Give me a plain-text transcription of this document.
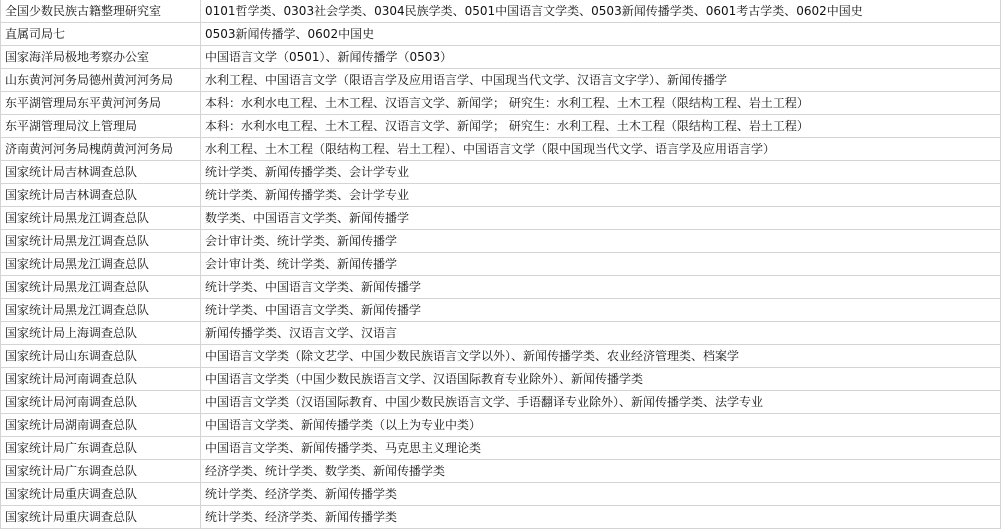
全国少数民族古籍整理研究室	0101哲学类、0303社会学类、0304民族学类、0501中国语言文学类、0503新闻传播学类、0601考古学类、0602中国史
直属司局七	0503新闻传播学、0602中国史
国家海洋局极地考察办公室	中国语言文学（0501）、新闻传播学（0503）
山东黄河河务局德州黄河河务局	水利工程、中国语言文学（限语言学及应用语言学、中国现当代文学、汉语言文字学）、新闻传播学
东平湖管理局东平黄河河务局	本科：水利水电工程、土木工程、汉语言文学、新闻学； 研究生：水利工程、土木工程（限结构工程、岩土工程）
东平湖管理局汶上管理局	本科：水利水电工程、土木工程、汉语言文学、新闻学； 研究生：水利工程、土木工程（限结构工程、岩土工程）
济南黄河河务局槐荫黄河河务局	水利工程、土木工程（限结构工程、岩土工程）、中国语言文学（限中国现当代文学、语言学及应用语言学）
国家统计局吉林调查总队	统计学类、新闻传播学类、会计学专业
国家统计局吉林调查总队	统计学类、新闻传播学类、会计学专业
国家统计局黑龙江调查总队	数学类、中国语言文学类、新闻传播学
国家统计局黑龙江调查总队	会计审计类、统计学类、新闻传播学
国家统计局黑龙江调查总队	会计审计类、统计学类、新闻传播学
国家统计局黑龙江调查总队	统计学类、中国语言文学类、新闻传播学
国家统计局黑龙江调查总队	统计学类、中国语言文学类、新闻传播学
国家统计局上海调查总队	新闻传播学类、汉语言文学、汉语言
国家统计局山东调查总队	中国语言文学类（除文艺学、中国少数民族语言文学以外）、新闻传播学类、农业经济管理类、档案学
国家统计局河南调查总队	中国语言文学类（中国少数民族语言文学、汉语国际教育专业除外）、新闻传播学类
国家统计局河南调查总队	中国语言文学类（汉语国际教育、中国少数民族语言文学、手语翻译专业除外）、新闻传播学类、法学专业
国家统计局湖南调查总队	中国语言文学类、新闻传播学类（以上为专业中类）
国家统计局广东调查总队	中国语言文学类、新闻传播学类、马克思主义理论类
国家统计局广东调查总队	经济学类、统计学类、数学类、新闻传播学类
国家统计局重庆调查总队	统计学类、经济学类、新闻传播学类
国家统计局重庆调查总队	统计学类、经济学类、新闻传播学类
